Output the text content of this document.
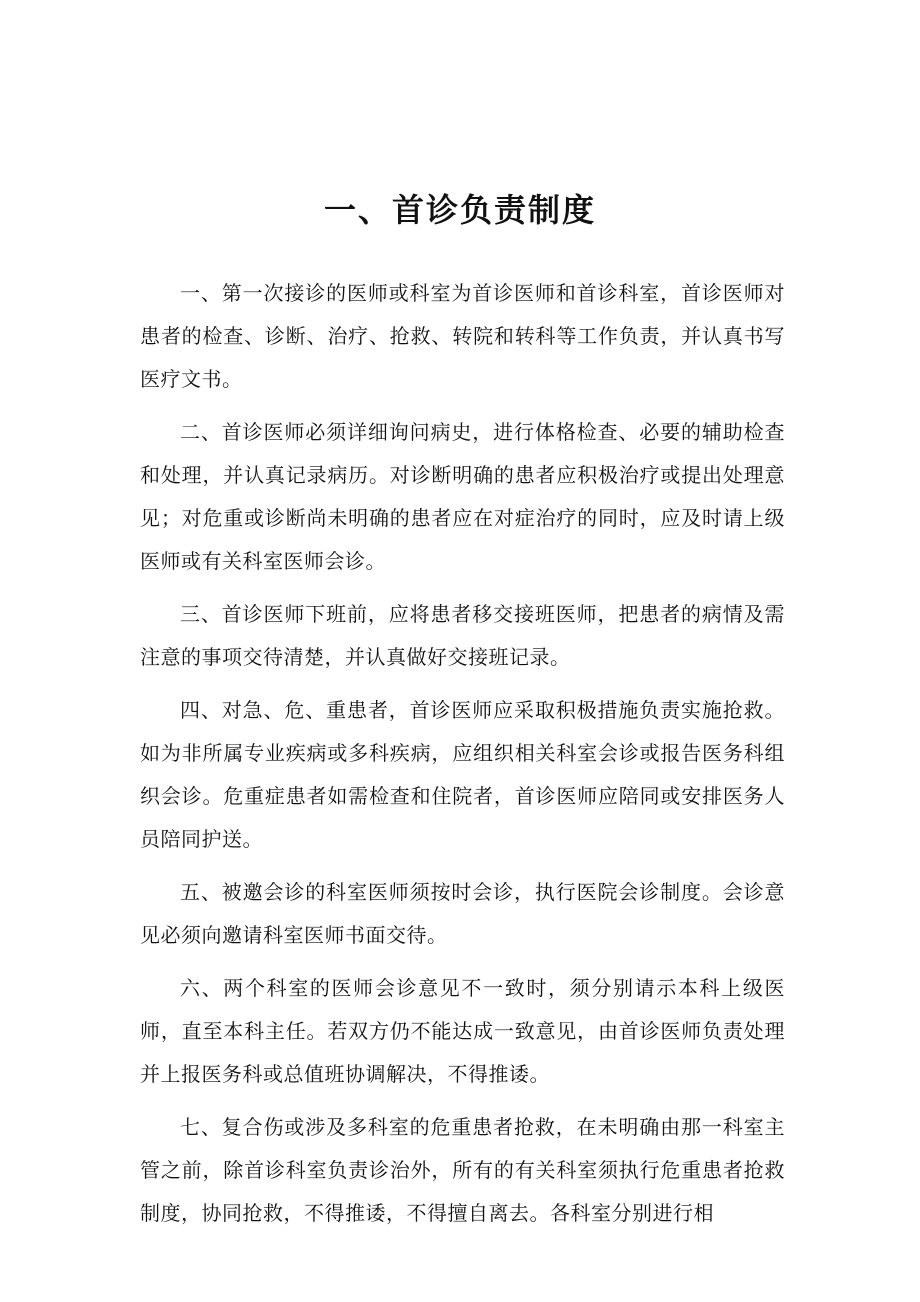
一、首诊负责制度

一、第一次接诊的医师或科室为首诊医师和首诊科室，首诊医师对患者的检查、诊断、治疗、抢救、转院和转科等工作负责，并认真书写医疗文书。

二、首诊医师必须详细询问病史，进行体格检查、必要的辅助检查和处理，并认真记录病历。对诊断明确的患者应积极治疗或提出处理意见；对危重或诊断尚未明确的患者应在对症治疗的同时，应及时请上级医师或有关科室医师会诊。

三、首诊医师下班前，应将患者移交接班医师，把患者的病情及需注意的事项交待清楚，并认真做好交接班记录。

四、对急、危、重患者，首诊医师应采取积极措施负责实施抢救。如为非所属专业疾病或多科疾病，应组织相关科室会诊或报告医务科组织会诊。危重症患者如需检查和住院者，首诊医师应陪同或安排医务人员陪同护送。

五、被邀会诊的科室医师须按时会诊，执行医院会诊制度。会诊意见必须向邀请科室医师书面交待。

六、两个科室的医师会诊意见不一致时，须分别请示本科上级医师，直至本科主任。若双方仍不能达成一致意见，由首诊医师负责处理并上报医务科或总值班协调解决，不得推诿。

七、复合伤或涉及多科室的危重患者抢救，在未明确由那一科室主管之前，除首诊科室负责诊治外，所有的有关科室须执行危重患者抢救制度，协同抢救，不得推诿，不得擅自离去。各科室分别进行相
